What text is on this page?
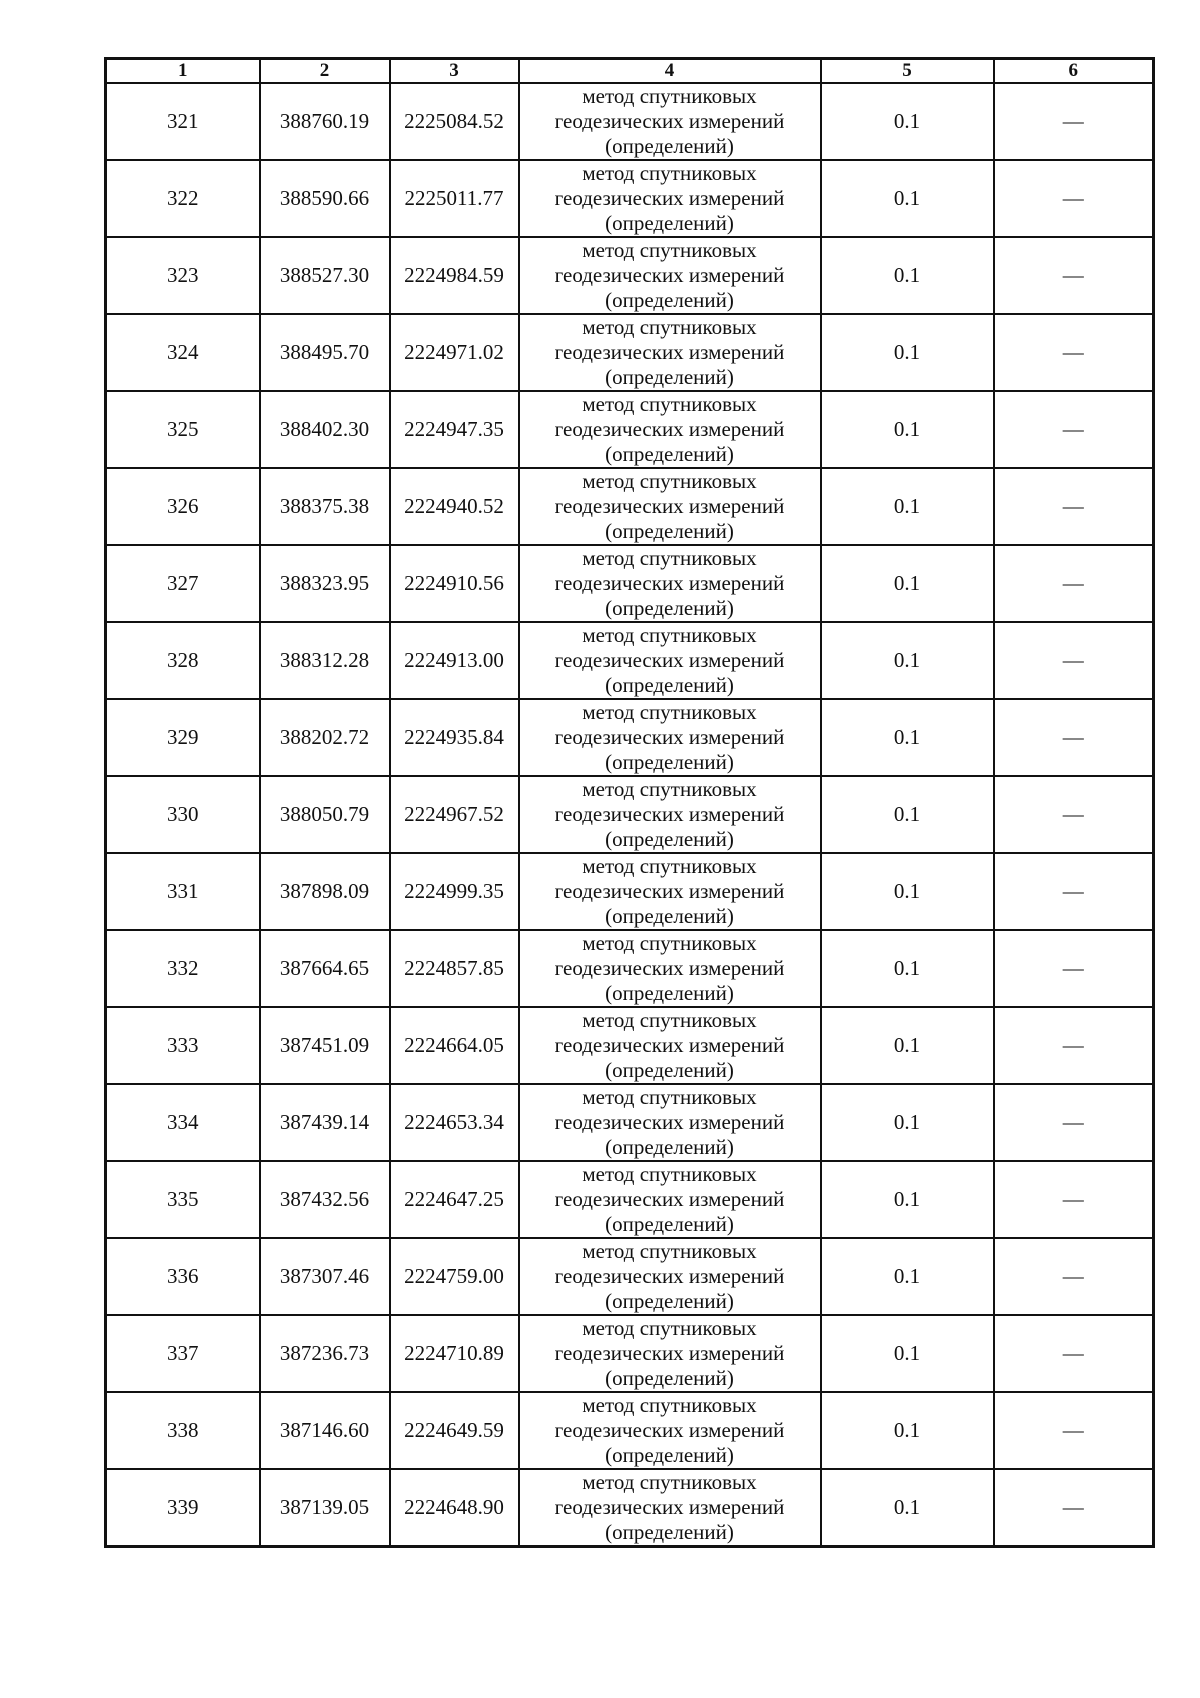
1	2	3	4	5	6
321	388760.19	2225084.52	метод спутниковых
геодезических измерений
(определений)	0.1	—
322	388590.66	2225011.77	метод спутниковых
геодезических измерений
(определений)	0.1	—
323	388527.30	2224984.59	метод спутниковых
геодезических измерений
(определений)	0.1	—
324	388495.70	2224971.02	метод спутниковых
геодезических измерений
(определений)	0.1	—
325	388402.30	2224947.35	метод спутниковых
геодезических измерений
(определений)	0.1	—
326	388375.38	2224940.52	метод спутниковых
геодезических измерений
(определений)	0.1	—
327	388323.95	2224910.56	метод спутниковых
геодезических измерений
(определений)	0.1	—
328	388312.28	2224913.00	метод спутниковых
геодезических измерений
(определений)	0.1	—
329	388202.72	2224935.84	метод спутниковых
геодезических измерений
(определений)	0.1	—
330	388050.79	2224967.52	метод спутниковых
геодезических измерений
(определений)	0.1	—
331	387898.09	2224999.35	метод спутниковых
геодезических измерений
(определений)	0.1	—
332	387664.65	2224857.85	метод спутниковых
геодезических измерений
(определений)	0.1	—
333	387451.09	2224664.05	метод спутниковых
геодезических измерений
(определений)	0.1	—
334	387439.14	2224653.34	метод спутниковых
геодезических измерений
(определений)	0.1	—
335	387432.56	2224647.25	метод спутниковых
геодезических измерений
(определений)	0.1	—
336	387307.46	2224759.00	метод спутниковых
геодезических измерений
(определений)	0.1	—
337	387236.73	2224710.89	метод спутниковых
геодезических измерений
(определений)	0.1	—
338	387146.60	2224649.59	метод спутниковых
геодезических измерений
(определений)	0.1	—
339	387139.05	2224648.90	метод спутниковых
геодезических измерений
(определений)	0.1	—
